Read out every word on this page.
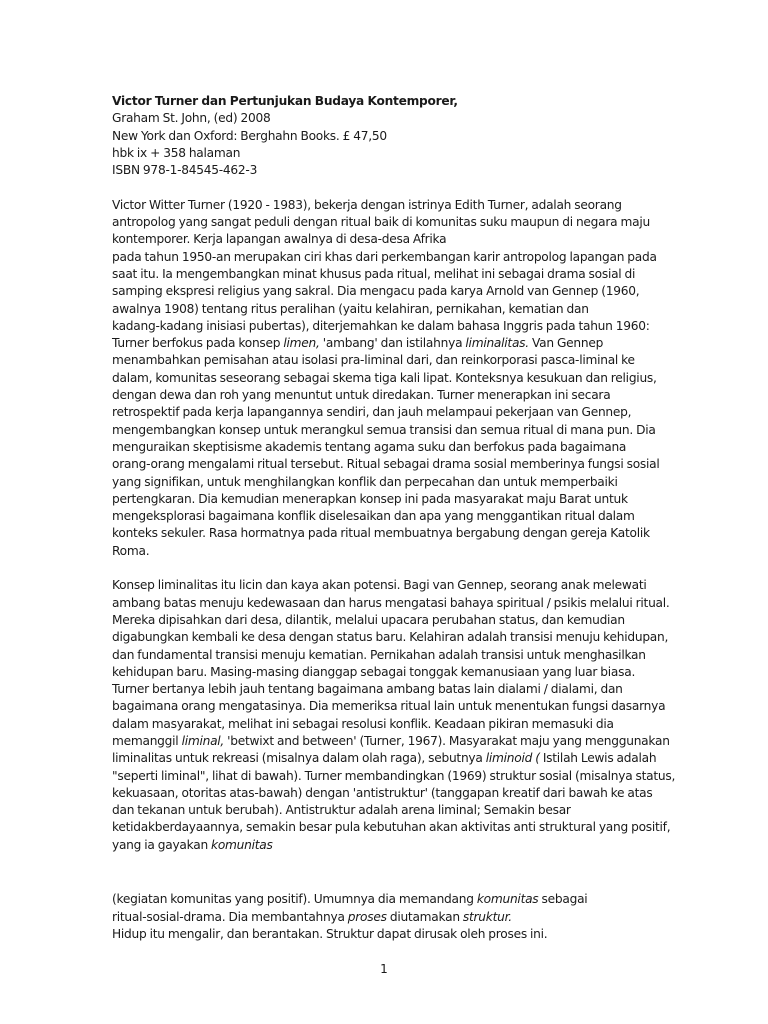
Victor Turner dan Pertunjukan Budaya Kontemporer,
Graham St. John, (ed) 2008
New York dan Oxford: Berghahn Books. £ 47,50
hbk ix + 358 halaman
ISBN 978-1-84545-462-3
Victor Witter Turner (1920 - 1983), bekerja dengan istrinya Edith Turner, adalah seorang
antropolog yang sangat peduli dengan ritual baik di komunitas suku maupun di negara maju
kontemporer. Kerja lapangan awalnya di desa-desa Afrika
pada tahun 1950-an merupakan ciri khas dari perkembangan karir antropolog lapangan pada
saat itu. Ia mengembangkan minat khusus pada ritual, melihat ini sebagai drama sosial di
samping ekspresi religius yang sakral. Dia mengacu pada karya Arnold van Gennep (1960,
awalnya 1908) tentang ritus peralihan (yaitu kelahiran, pernikahan, kematian dan
kadang-kadang inisiasi pubertas), diterjemahkan ke dalam bahasa Inggris pada tahun 1960:
Turner berfokus pada konsep limen, 'ambang' dan istilahnya liminalitas. Van Gennep
menambahkan pemisahan atau isolasi pra-liminal dari, dan reinkorporasi pasca-liminal ke
dalam, komunitas seseorang sebagai skema tiga kali lipat. Konteksnya kesukuan dan religius,
dengan dewa dan roh yang menuntut untuk diredakan. Turner menerapkan ini secara
retrospektif pada kerja lapangannya sendiri, dan jauh melampaui pekerjaan van Gennep,
mengembangkan konsep untuk merangkul semua transisi dan semua ritual di mana pun. Dia
menguraikan skeptisisme akademis tentang agama suku dan berfokus pada bagaimana
orang-orang mengalami ritual tersebut. Ritual sebagai drama sosial memberinya fungsi sosial
yang signifikan, untuk menghilangkan konflik dan perpecahan dan untuk memperbaiki
pertengkaran. Dia kemudian menerapkan konsep ini pada masyarakat maju Barat untuk
mengeksplorasi bagaimana konflik diselesaikan dan apa yang menggantikan ritual dalam
konteks sekuler. Rasa hormatnya pada ritual membuatnya bergabung dengan gereja Katolik
Roma.
Konsep liminalitas itu licin dan kaya akan potensi. Bagi van Gennep, seorang anak melewati
ambang batas menuju kedewasaan dan harus mengatasi bahaya spiritual / psikis melalui ritual.
Mereka dipisahkan dari desa, dilantik, melalui upacara perubahan status, dan kemudian
digabungkan kembali ke desa dengan status baru. Kelahiran adalah transisi menuju kehidupan,
dan fundamental transisi menuju kematian. Pernikahan adalah transisi untuk menghasilkan
kehidupan baru. Masing-masing dianggap sebagai tonggak kemanusiaan yang luar biasa.
Turner bertanya lebih jauh tentang bagaimana ambang batas lain dialami / dialami, dan
bagaimana orang mengatasinya. Dia memeriksa ritual lain untuk menentukan fungsi dasarnya
dalam masyarakat, melihat ini sebagai resolusi konflik. Keadaan pikiran memasuki dia
memanggil liminal, 'betwixt and between' (Turner, 1967). Masyarakat maju yang menggunakan
liminalitas untuk rekreasi (misalnya dalam olah raga), sebutnya liminoid ( Istilah Lewis adalah
"seperti liminal", lihat di bawah). Turner membandingkan (1969) struktur sosial (misalnya status,
kekuasaan, otoritas atas-bawah) dengan 'antistruktur' (tanggapan kreatif dari bawah ke atas
dan tekanan untuk berubah). Antistruktur adalah arena liminal; Semakin besar
ketidakberdayaannya, semakin besar pula kebutuhan akan aktivitas anti struktural yang positif,
yang ia gayakan komunitas
(kegiatan komunitas yang positif). Umumnya dia memandang komunitas sebagai
ritual-sosial-drama. Dia membantahnya proses diutamakan struktur.
Hidup itu mengalir, dan berantakan. Struktur dapat dirusak oleh proses ini.
1
